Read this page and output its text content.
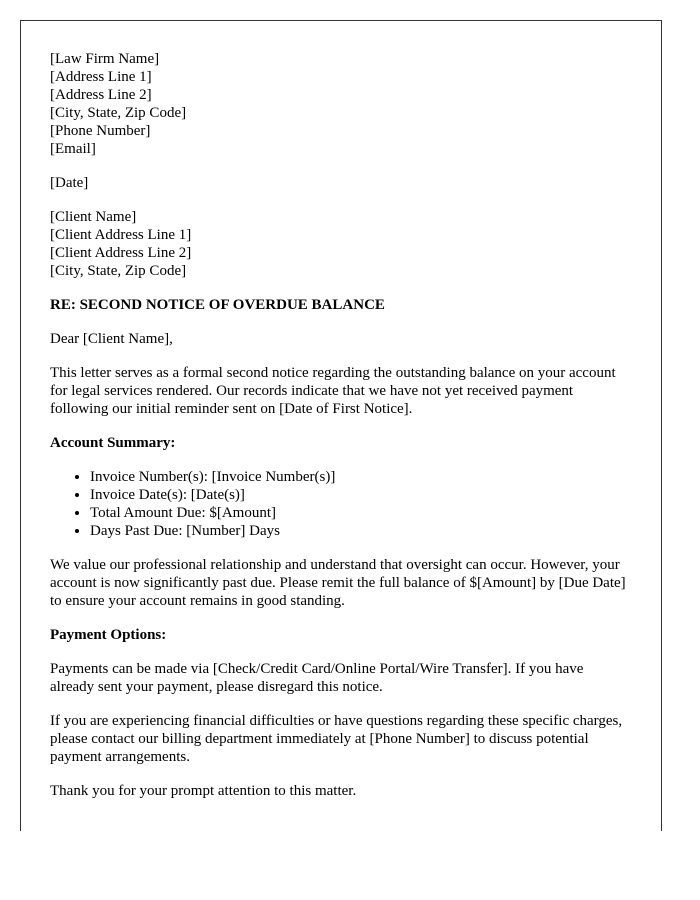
[Law Firm Name]
[Address Line 1]
[Address Line 2]
[City, State, Zip Code]
[Phone Number]
[Email]

[Date]

[Client Name]
[Client Address Line 1]
[Client Address Line 2]
[City, State, Zip Code]

RE: SECOND NOTICE OF OVERDUE BALANCE

Dear [Client Name],

This letter serves as a formal second notice regarding the outstanding balance on your account for legal services rendered. Our records indicate that we have not yet received payment following our initial reminder sent on [Date of First Notice].

Account Summary:

• Invoice Number(s): [Invoice Number(s)]
• Invoice Date(s): [Date(s)]
• Total Amount Due: $[Amount]
• Days Past Due: [Number] Days

We value our professional relationship and understand that oversight can occur. However, your account is now significantly past due. Please remit the full balance of $[Amount] by [Due Date] to ensure your account remains in good standing.

Payment Options:

Payments can be made via [Check/Credit Card/Online Portal/Wire Transfer]. If you have already sent your payment, please disregard this notice.

If you are experiencing financial difficulties or have questions regarding these specific charges, please contact our billing department immediately at [Phone Number] to discuss potential payment arrangements.

Thank you for your prompt attention to this matter.
